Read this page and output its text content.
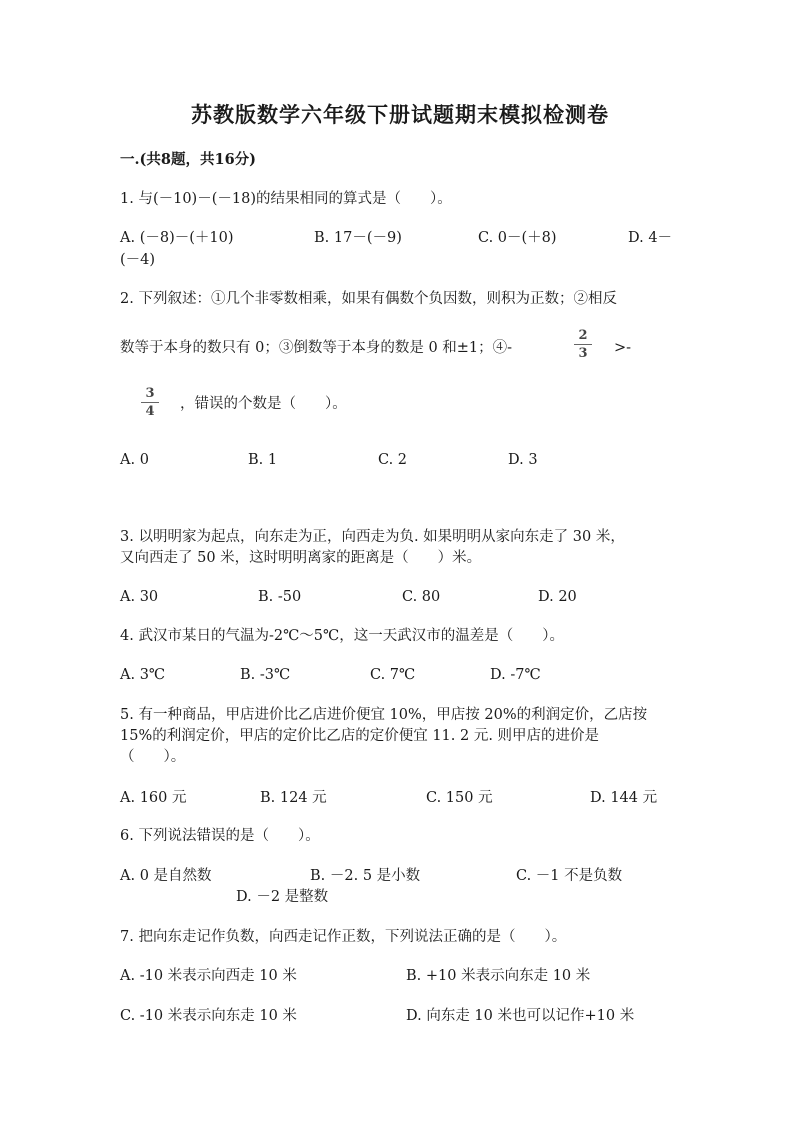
苏教版数学六年级下册试题期末模拟检测卷
一.(共8题，共16分)
1. 与(－10)－(－18)的结果相同的算式是（　　）。
A. (－8)－(＋10)	B. 17－(－9)	C. 0－(＋8)	D. 4－
(－4)
2. 下列叙述：①几个非零数相乘，如果有偶数个负因数，则积为正数；②相反
数等于本身的数只有 0；③倒数等于本身的数是 0 和±1；④-	$\frac{2}{3}$ >-
$\frac{3}{4}$ ，错误的个数是（　　）。
A. 0	B. 1	C. 2	D. 3
3. 以明明家为起点，向东走为正，向西走为负. 如果明明从家向东走了 30 米，
又向西走了 50 米，这时明明离家的距离是（　　）米。
A. 30	B. -50	C. 80	D. 20
4. 武汉市某日的气温为-2℃～5℃，这一天武汉市的温差是（　　）。
A. 3℃	B. -3℃	C. 7℃	D. -7℃
5. 有一种商品，甲店进价比乙店进价便宜 10%，甲店按 20%的利润定价，乙店按
15%的利润定价，甲店的定价比乙店的定价便宜 11. 2 元. 则甲店的进价是
（　　）。
A. 160 元	B. 124 元	C. 150 元	D. 144 元
6. 下列说法错误的是（　　）。
A. 0 是自然数	B. －2. 5 是小数	C. －1 不是负数
D. －2 是整数
7. 把向东走记作负数，向西走记作正数，下列说法正确的是（　　）。
A. -10 米表示向西走 10 米	B. +10 米表示向东走 10 米
C. -10 米表示向东走 10 米	D. 向东走 10 米也可以记作+10 米
